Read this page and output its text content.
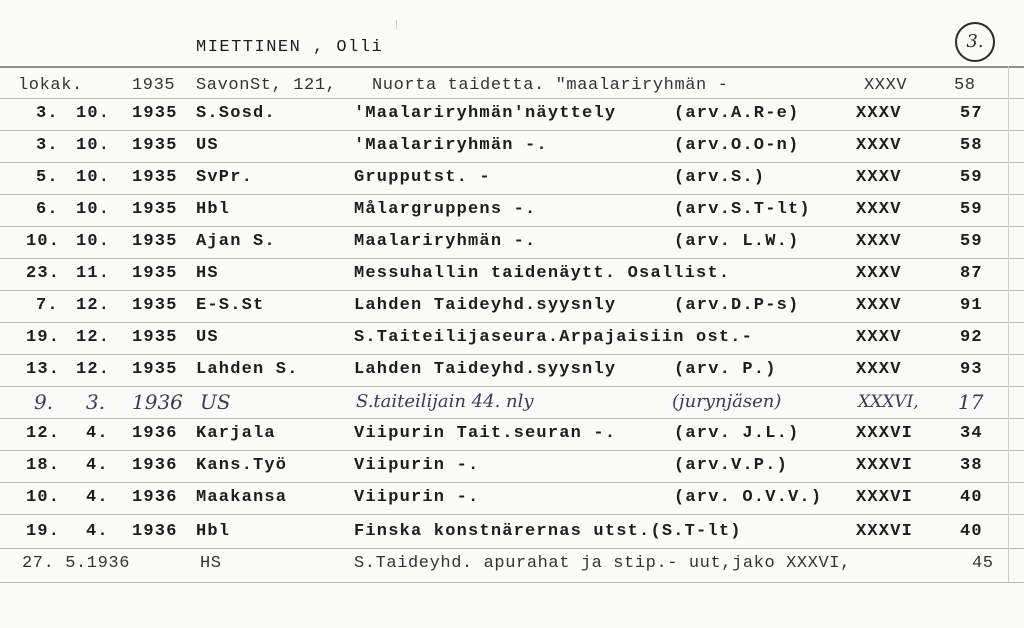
MIETTINEN , Olli	3.
lokak.	1935 SavonSt, 121, Nuorta taidetta. "maalariryhmän -	XXXV	58
3. 10. 1935 S.Sosd.	'Maalariryhmän'näyttely	(arv.A.R-e)	XXXV	57
3. 10. 1935 US	'Maalariryhmän -.	(arv.O.O-n)	XXXV	58
5. 10. 1935 SvPr.	Grupputst. -	(arv.S.)	XXXV	59
6. 10. 1935 Hbl	Målargruppens -.	(arv.S.T-lt)	XXXV	59
10. 10. 1935 Ajan S.	Maalariryhmän -.	(arv. L.W.)	XXXV	59
23. 11. 1935 HS	Messuhallin taidenäytt. Osallist.	XXXV	87
7. 12. 1935 E-S.St	Lahden Taideyhd.syysnly	(arv.D.P-s)	XXXV	91
19. 12. 1935 US	S.Taiteilijaseura.Arpajaisiin ost.-	XXXV	92
13. 12. 1935 Lahden S.	Lahden Taideyhd.syysnly	(arv. P.)	XXXV	93
9. 3. 1936 US	S.taiteilijain 44. nly	(jurynjäsen)	XXXVI, 17
12. 4. 1936 Karjala	Viipurin Tait.seuran -.	(arv. J.L.)	XXXVI	34
18. 4. 1936 Kans.Työ	Viipurin -.	(arv.V.P.)	XXXVI	38
10. 4. 1936 Maakansa	Viipurin -.	(arv. O.V.V.) XXXVI	40
19. 4. 1936 Hbl	Finska konstnärernas utst.(S.T-lt)	XXXVI	40
27. 5.1936	HS	S.Taideyhd. apurahat ja stip.- uut,jako XXXVI,	45
